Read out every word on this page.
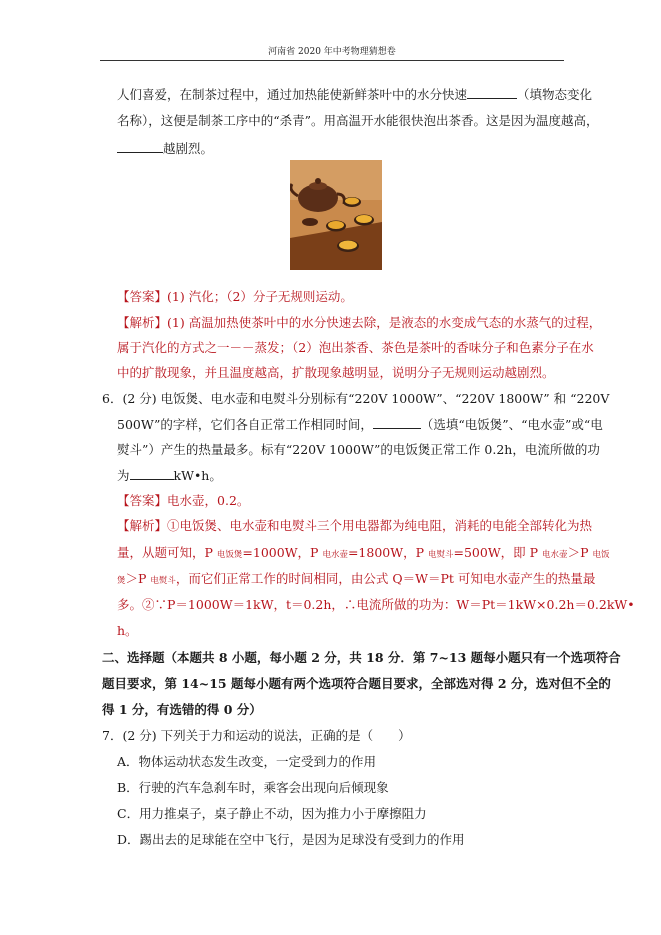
河南省 2020 年中考物理猜想卷
人们喜爱，在制茶过程中，通过加热能使新鲜茶叶中的水分快速	（填物态变化
名称），这便是制茶工序中的“杀青”。用高温开水能很快泡出茶香。这是因为温度越高，
越剧烈。
【答案】(1) 汽化；（2）分子无规则运动。
【解析】(1) 高温加热使茶叶中的水分快速去除，是液态的水变成气态的水蒸气的过程，
属于汽化的方式之一－－蒸发；（2）泡出茶香、茶色是茶叶的香味分子和色素分子在水
中的扩散现象，并且温度越高，扩散现象越明显，说明分子无规则运动越剧烈。
6．(2 分) 电饭煲、电水壶和电熨斗分别标有“220V 1000W”、“220V 1800W” 和 “220V
500W”的字样，它们各自正常工作相同时间，	（选填“电饭煲”、“电水壶”或“电
熨斗”）产生的热量最多。标有“220V 1000W”的电饭煲正常工作 0.2h，电流所做的功
为	kW•h。
【答案】电水壶，0.2。
【解析】①电饭煲、电水壶和电熨斗三个用电器都为纯电阻，消耗的电能全部转化为热
量，从题可知，P 电饭煲=1000W，P 电水壶=1800W，P 电熨斗=500W，即 P 电水壶＞P 电饭
煲＞P 电熨斗，而它们正常工作的时间相同，由公式 Q＝W＝Pt 可知电水壶产生的热量最
多。②∵P＝1000W＝1kW，t＝0.2h，∴电流所做的功为：W＝Pt＝1kW×0.2h＝0.2kW•
h。
二、选择题（本题共 8 小题，每小题 2 分，共 18 分．第 7~13 题每小题只有一个选项符合
题目要求，第 14~15 题每小题有两个选项符合题目要求，全部选对得 2 分，选对但不全的
得 1 分，有选错的得 0 分）
7．(2 分) 下列关于力和运动的说法，正确的是（　　）
A．物体运动状态发生改变，一定受到力的作用
B．行驶的汽车急刹车时，乘客会出现向后倾现象
C．用力推桌子，桌子静止不动，因为推力小于摩擦阻力
D．踢出去的足球能在空中飞行，是因为足球没有受到力的作用
